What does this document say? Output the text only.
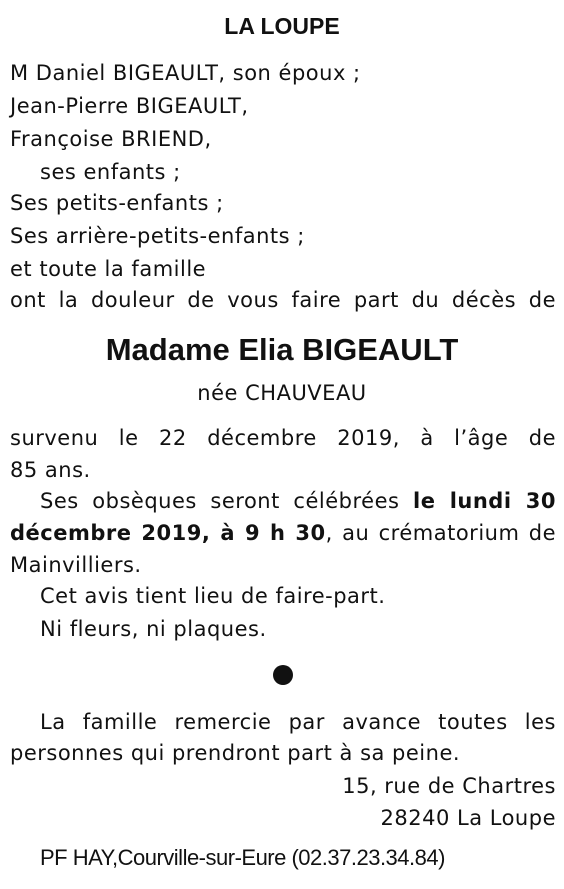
LA LOUPE
M Daniel BIGEAULT, son époux ;
Jean-Pierre BIGEAULT,
Françoise BRIEND,
ses enfants ;
Ses petits-enfants ;
Ses arrière-petits-enfants ;
et toute la famille
ont la douleur de vous faire part du décès de
Madame Elia BIGEAULT
née CHAUVEAU
survenu le 22 décembre 2019, à l’âge de
85 ans.
Ses obsèques seront célébrées le lundi 30
décembre 2019, à 9 h 30, au crématorium de
Mainvilliers.
Cet avis tient lieu de faire-part.
Ni fleurs, ni plaques.
La famille remercie par avance toutes les
personnes qui prendront part à sa peine.
15, rue de Chartres
28240 La Loupe
PF HAY,Courville-sur-Eure (02.37.23.34.84)
